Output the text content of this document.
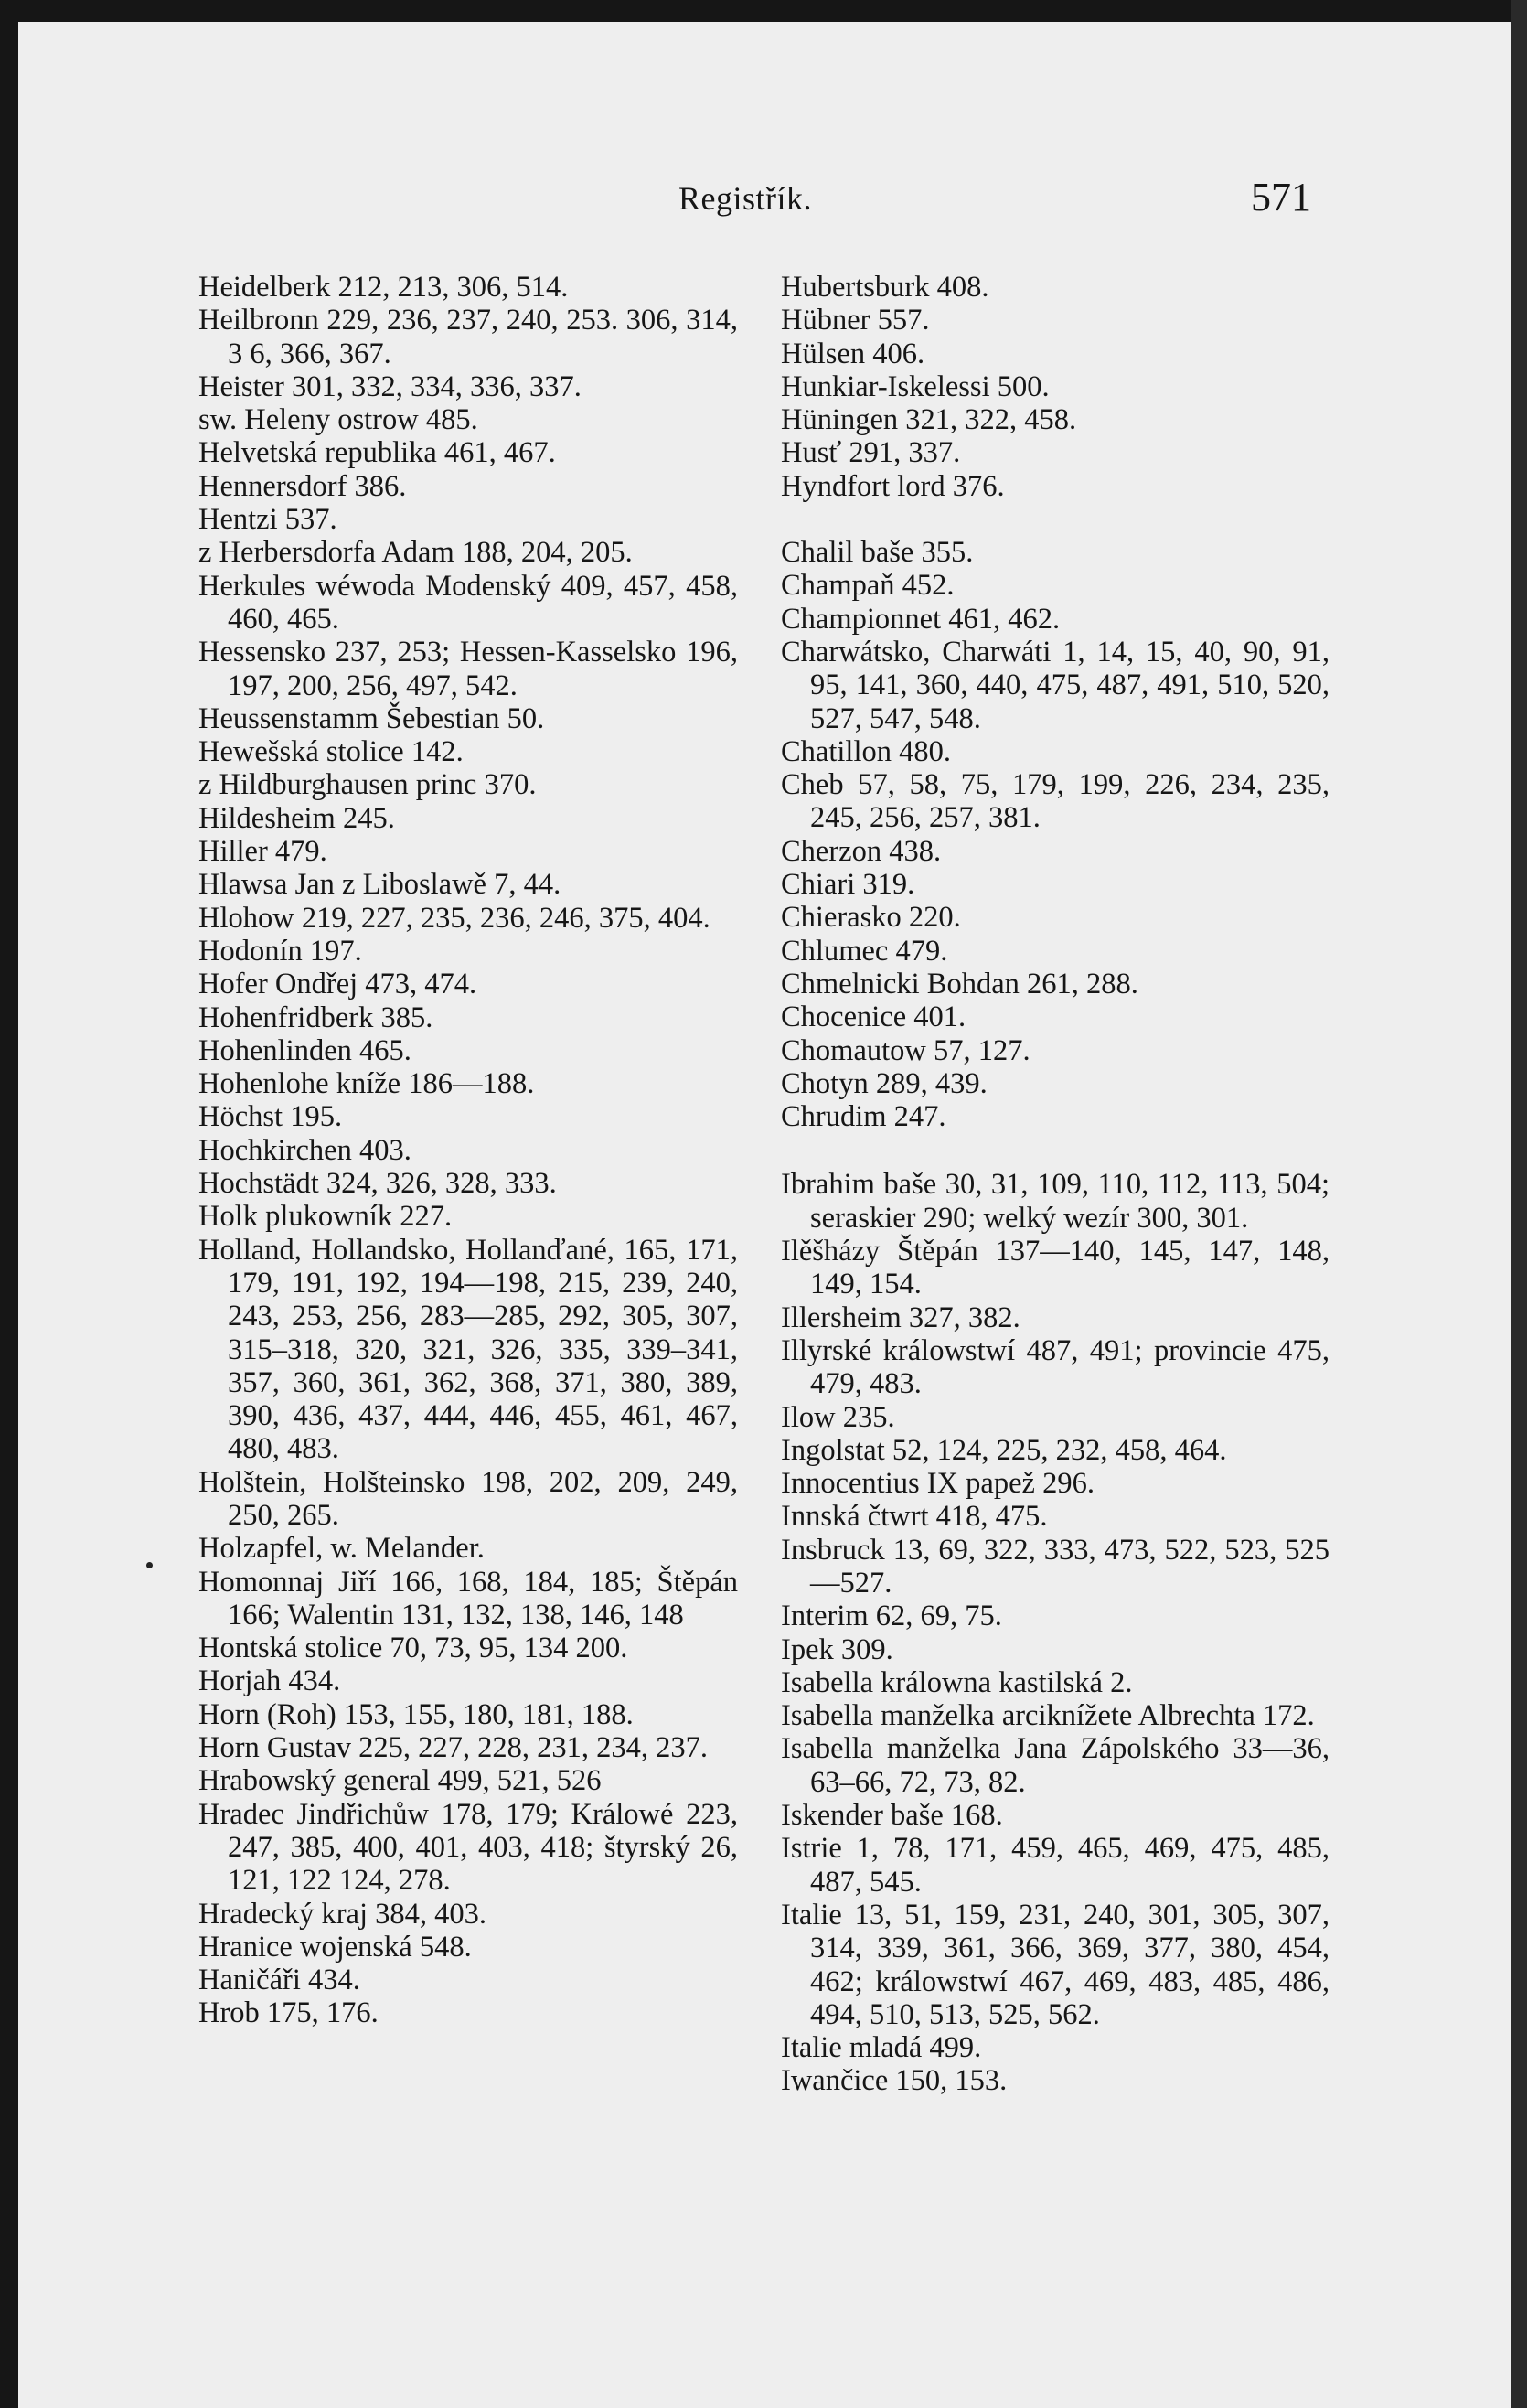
Registřík.	571
Heidelberk 212, 213, 306, 514.
Heilbronn 229, 236, 237, 240, 253. 306, 314, 3 6, 366, 367.
Heister 301, 332, 334, 336, 337.
sw. Heleny ostrow 485.
Helvetská republika 461, 467.
Hennersdorf 386.
Hentzi 537.
z Herbersdorfa Adam 188, 204, 205.
Herkules wéwoda Modenský 409, 457, 458, 460, 465.
Hessensko 237, 253; Hessen-Kasselsko 196, 197, 200, 256, 497, 542.
Heussenstamm Šebestian 50.
Hewešská stolice 142.
z Hildburghausen princ 370.
Hildesheim 245.
Hiller 479.
Hlawsa Jan z Liboslawě 7, 44.
Hlohow 219, 227, 235, 236, 246, 375, 404.
Hodonín 197.
Hofer Ondřej 473, 474.
Hohenfridberk 385.
Hohenlinden 465.
Hohenlohe kníže 186—188.
Höchst 195.
Hochkirchen 403.
Hochstädt 324, 326, 328, 333.
Holk plukowník 227.
Holland, Hollandsko, Hollanďané, 165, 171, 179, 191, 192, 194—198, 215, 239, 240, 243, 253, 256, 283—285, 292, 305, 307, 315–318, 320, 321, 326, 335, 339–341, 357, 360, 361, 362, 368, 371, 380, 389, 390, 436, 437, 444, 446, 455, 461, 467, 480, 483.
Holštein, Holšteinsko 198, 202, 209, 249, 250, 265.
Holzapfel, w. Melander.
Homonnaj Jiří 166, 168, 184, 185; Štěpán 166; Walentin 131, 132, 138, 146, 148
Hontská stolice 70, 73, 95, 134 200.
Horjah 434.
Horn (Roh) 153, 155, 180, 181, 188.
Horn Gustav 225, 227, 228, 231, 234, 237.
Hrabowský general 499, 521, 526
Hradec Jindřichůw 178, 179; Králowé 223, 247, 385, 400, 401, 403, 418; štyrský 26, 121, 122 124, 278.
Hradecký kraj 384, 403.
Hranice wojenská 548.
Haničáři 434.
Hrob 175, 176.
Hubertsburk 408.
Hübner 557.
Hülsen 406.
Hunkiar-Iskelessi 500.
Hüningen 321, 322, 458.
Husť 291, 337.
Hyndfort lord 376.
Chalil baše 355.
Champaň 452.
Championnet 461, 462.
Charwátsko, Charwáti 1, 14, 15, 40, 90, 91, 95, 141, 360, 440, 475, 487, 491, 510, 520, 527, 547, 548.
Chatillon 480.
Cheb 57, 58, 75, 179, 199, 226, 234, 235, 245, 256, 257, 381.
Cherzon 438.
Chiari 319.
Chierasko 220.
Chlumec 479.
Chmelnicki Bohdan 261, 288.
Chocenice 401.
Chomautow 57, 127.
Chotyn 289, 439.
Chrudim 247.
Ibrahim baše 30, 31, 109, 110, 112, 113, 504; seraskier 290; welký wezír 300, 301.
Ilěšházy Štěpán 137—140, 145, 147, 148, 149, 154.
Illersheim 327, 382.
Illyrské králowstwí 487, 491; provincie 475, 479, 483.
Ilow 235.
Ingolstat 52, 124, 225, 232, 458, 464.
Innocentius IX papež 296.
Innská čtwrt 418, 475.
Insbruck 13, 69, 322, 333, 473, 522, 523, 525—527.
Interim 62, 69, 75.
Ipek 309.
Isabella králowna kastilská 2.
Isabella manželka arciknížete Albrechta 172.
Isabella manželka Jana Zápolského 33—36, 63–66, 72, 73, 82.
Iskender baše 168.
Istrie 1, 78, 171, 459, 465, 469, 475, 485, 487, 545.
Italie 13, 51, 159, 231, 240, 301, 305, 307, 314, 339, 361, 366, 369, 377, 380, 454, 462; králowstwí 467, 469, 483, 485, 486, 494, 510, 513, 525, 562.
Italie mladá 499.
Iwančice 150, 153.
